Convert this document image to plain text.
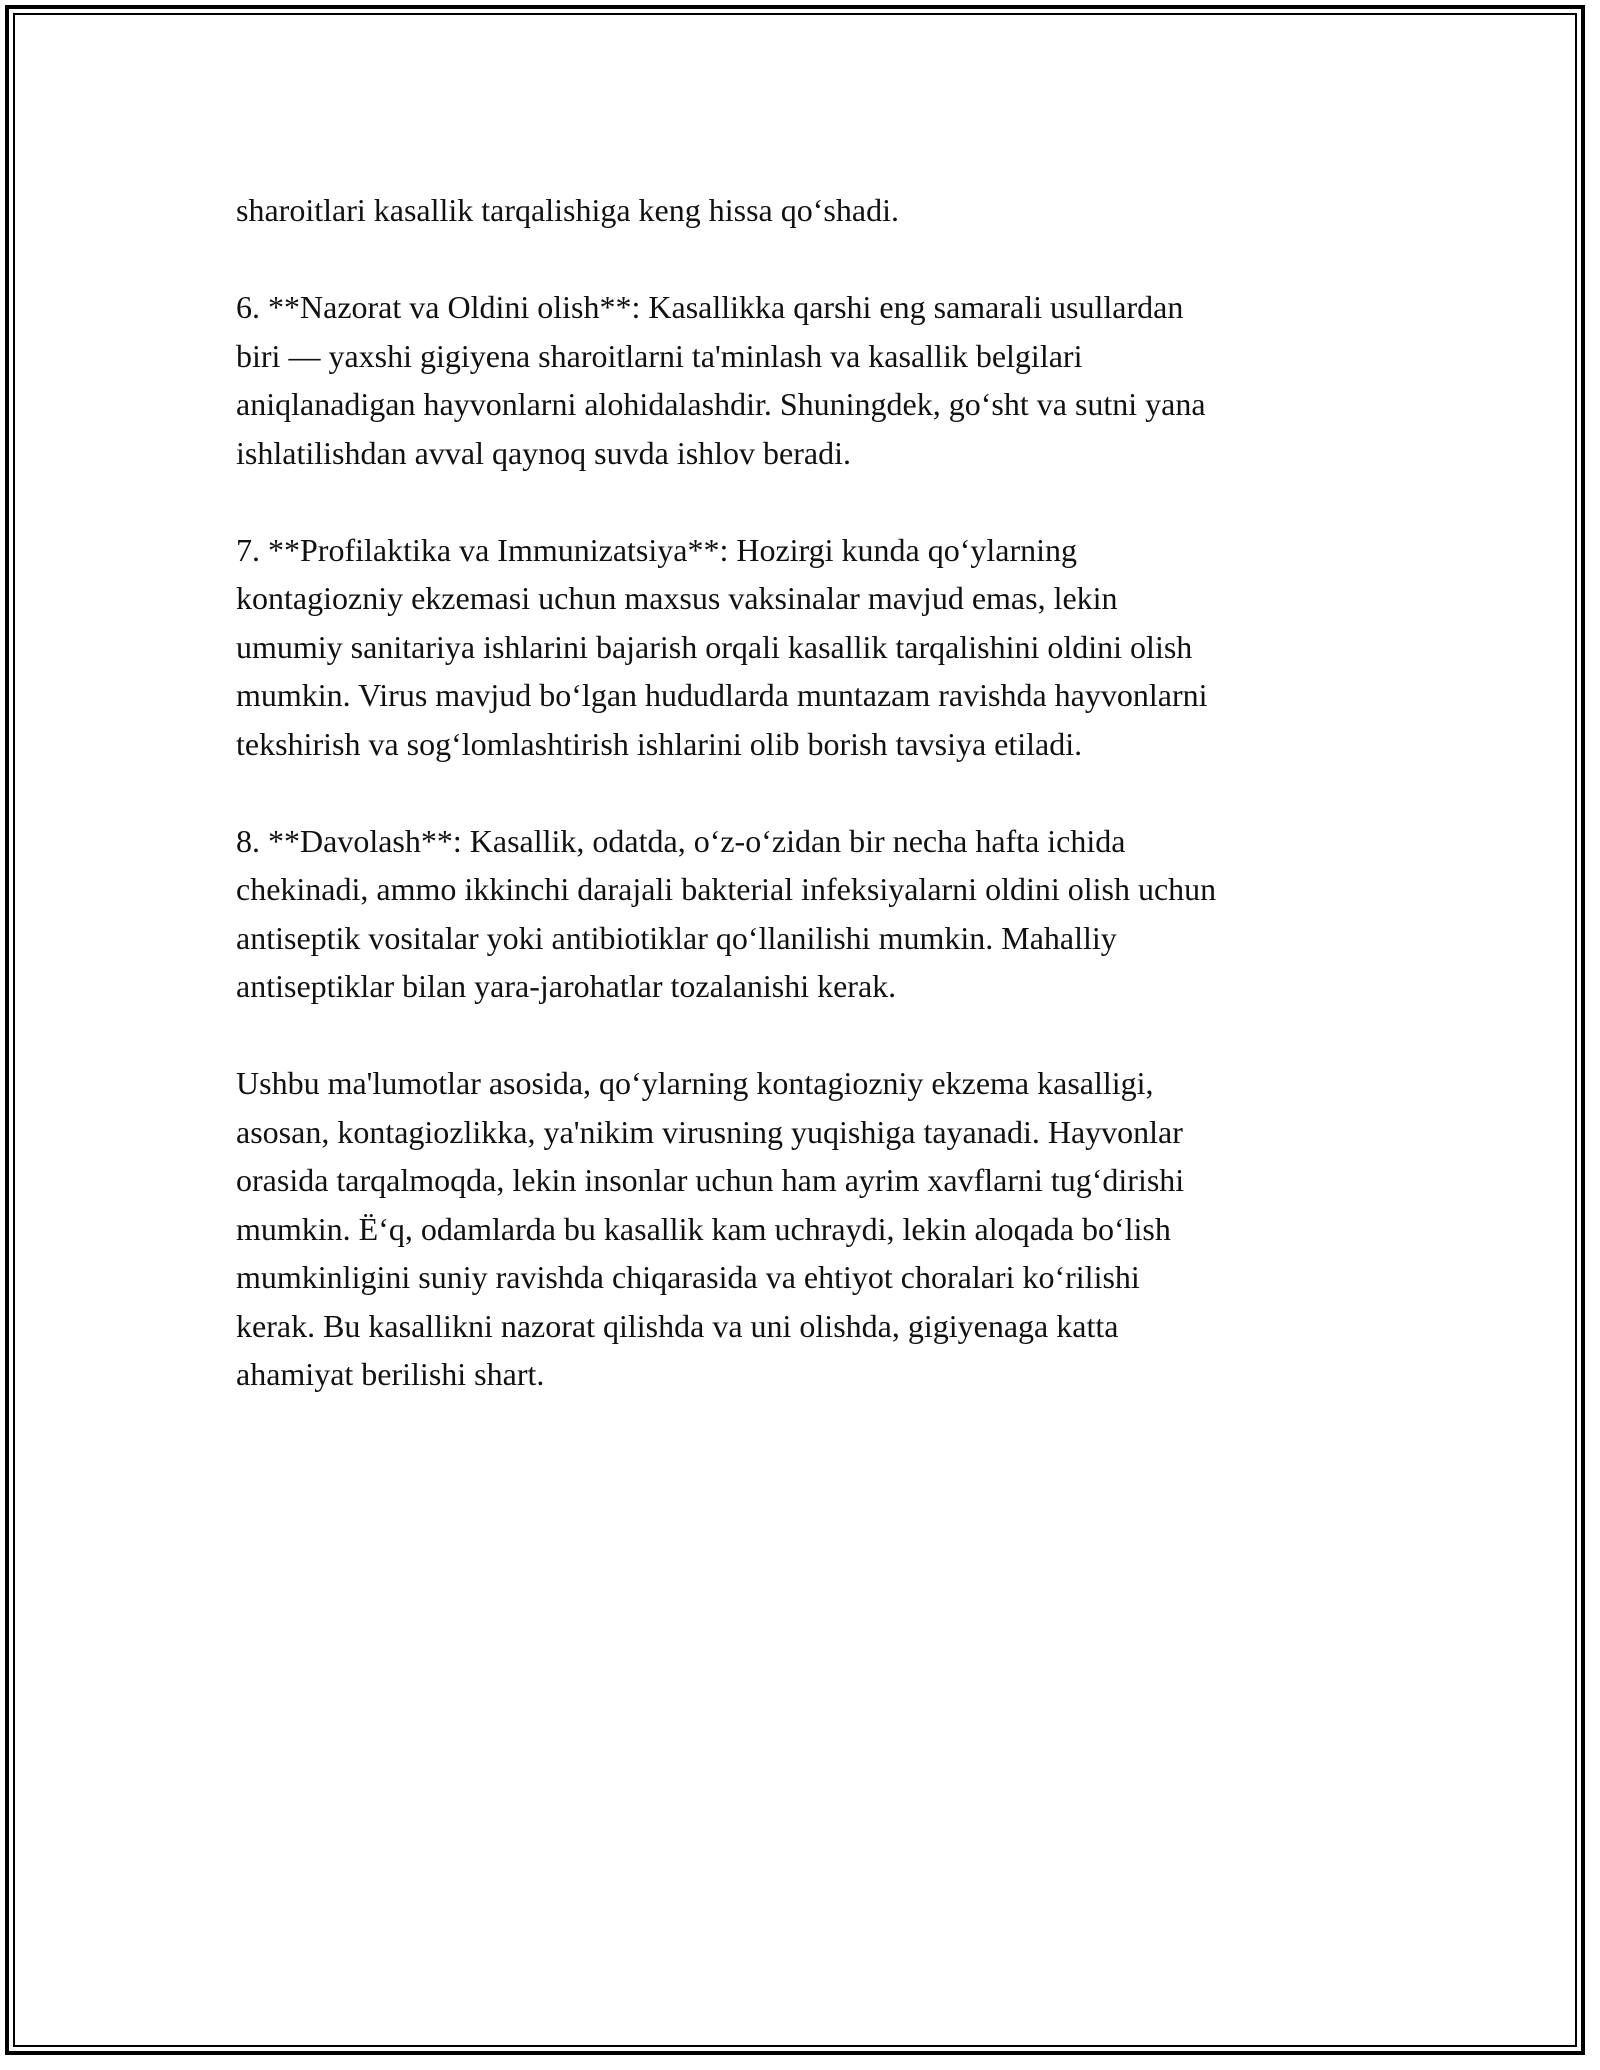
sharoitlari kasallik tarqalishiga keng hissa qo‘shadi.

6. **Nazorat va Oldini olish**: Kasallikka qarshi eng samarali usullardan
biri — yaxshi gigiyena sharoitlarni ta'minlash va kasallik belgilari
aniqlanadigan hayvonlarni alohidalashdir. Shuningdek, go‘sht va sutni yana
ishlatilishdan avval qaynoq suvda ishlov beradi.

7. **Profilaktika va Immunizatsiya**: Hozirgi kunda qo‘ylarning
kontagiozniy ekzemasi uchun maxsus vaksinalar mavjud emas, lekin
umumiy sanitariya ishlarini bajarish orqali kasallik tarqalishini oldini olish
mumkin. Virus mavjud bo‘lgan hududlarda muntazam ravishda hayvonlarni
tekshirish va sog‘lomlashtirish ishlarini olib borish tavsiya etiladi.

8. **Davolash**: Kasallik, odatda, o‘z-o‘zidan bir necha hafta ichida
chekinadi, ammo ikkinchi darajali bakterial infeksiyalarni oldini olish uchun
antiseptik vositalar yoki antibiotiklar qo‘llanilishi mumkin. Mahalliy
antiseptiklar bilan yara-jarohatlar tozalanishi kerak.

Ushbu ma'lumotlar asosida, qo‘ylarning kontagiozniy ekzema kasalligi,
asosan, kontagiozlikka, ya'nikim virusning yuqishiga tayanadi. Hayvonlar
orasida tarqalmoqda, lekin insonlar uchun ham ayrim xavflarni tug‘dirishi
mumkin. Ё‘q, odamlarda bu kasallik kam uchraydi, lekin aloqada bo‘lish
mumkinligini suniy ravishda chiqarasida va ehtiyot choralari ko‘rilishi
kerak. Bu kasallikni nazorat qilishda va uni olishda, gigiyenaga katta
ahamiyat berilishi shart.
